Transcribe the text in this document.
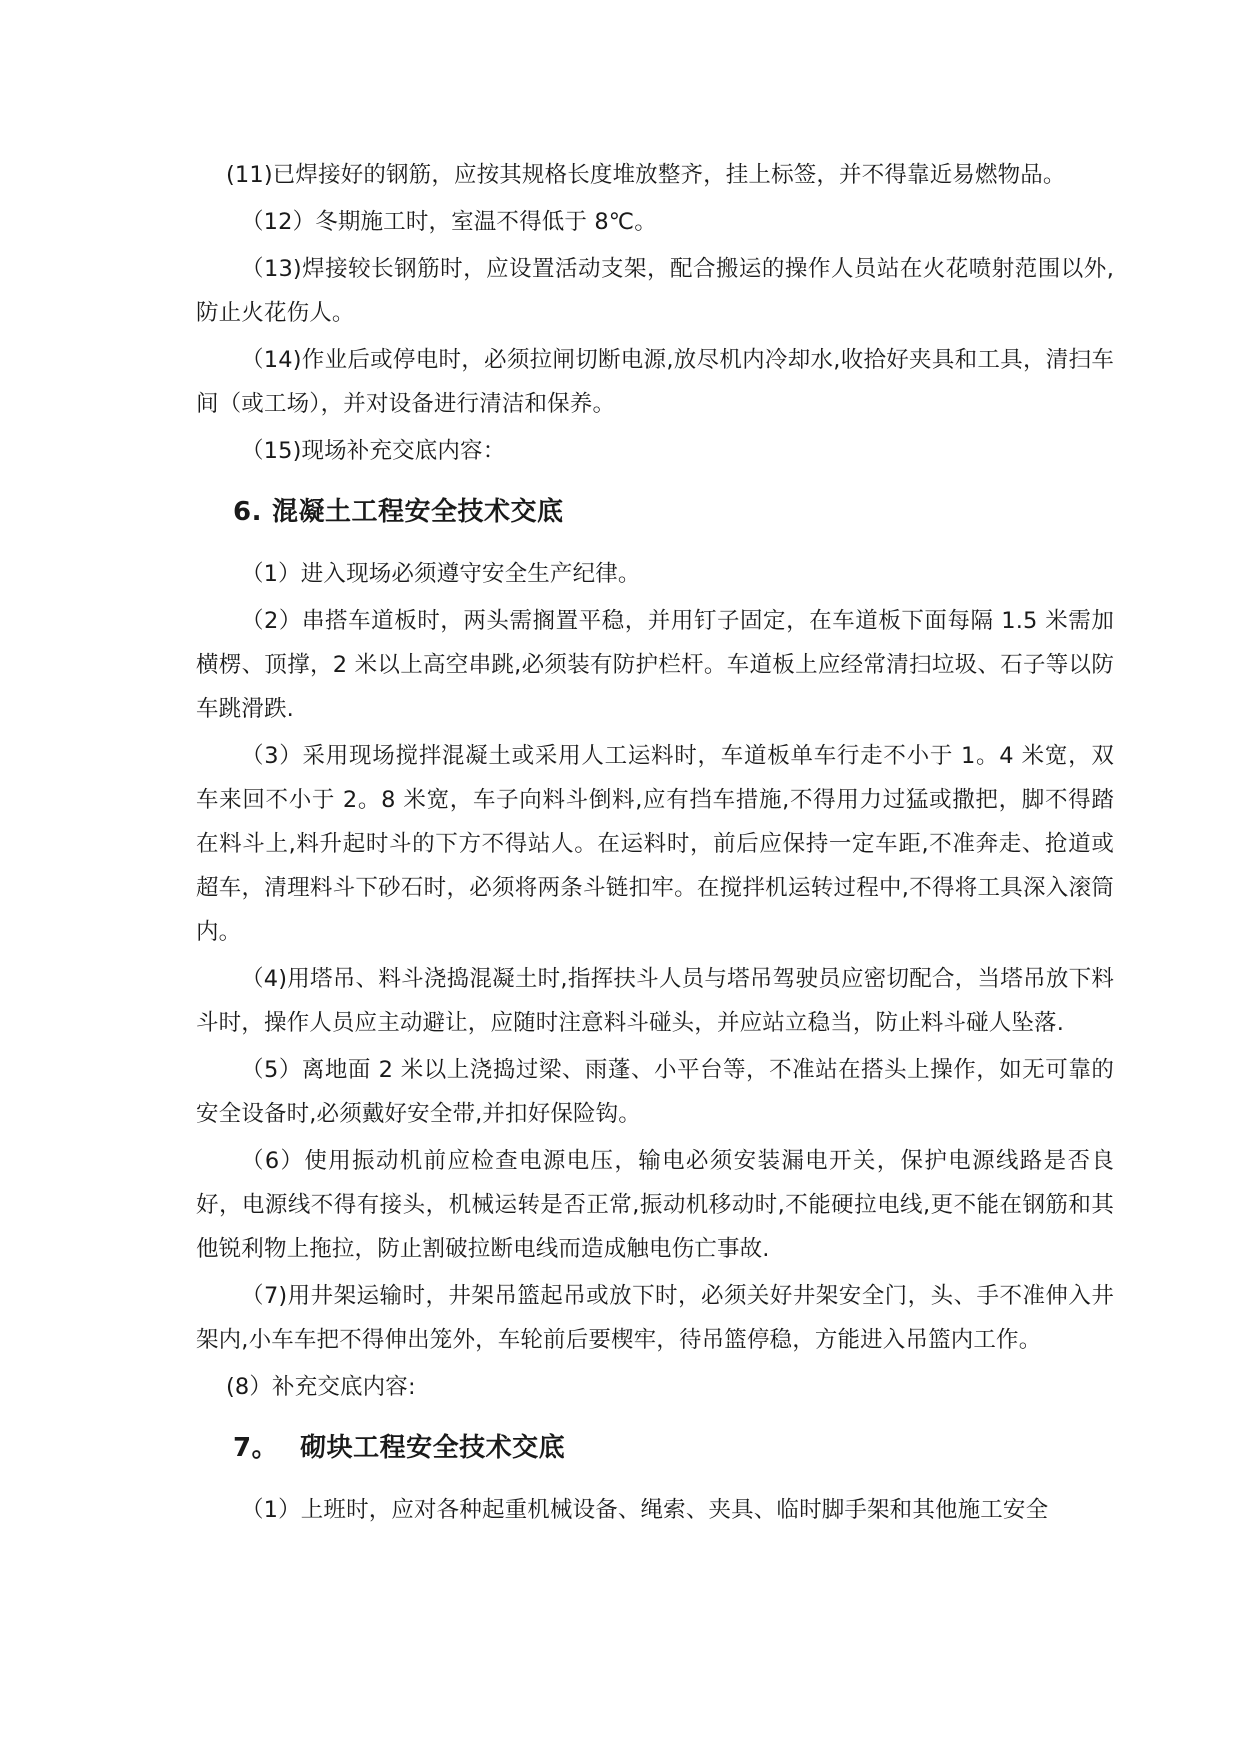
(11)已焊接好的钢筋，应按其规格长度堆放整齐，挂上标签，并不得靠近易燃物品。

（12）冬期施工时，室温不得低于 8℃。

（13)焊接较长钢筋时，应设置活动支架，配合搬运的操作人员站在火花喷射范围以外,防止火花伤人。

（14)作业后或停电时，必须拉闸切断电源,放尽机内冷却水,收拾好夹具和工具，清扫车间（或工场），并对设备进行清洁和保养。

（15)现场补充交底内容：

6. 混凝土工程安全技术交底

（1）进入现场必须遵守安全生产纪律。

（2）串搭车道板时，两头需搁置平稳，并用钉子固定，在车道板下面每隔 1.5 米需加横楞、顶撑，2 米以上高空串跳,必须装有防护栏杆。车道板上应经常清扫垃圾、石子等以防车跳滑跌.

（3）采用现场搅拌混凝土或采用人工运料时，车道板单车行走不小于 1。4 米宽，双车来回不小于 2。8 米宽，车子向料斗倒料,应有挡车措施,不得用力过猛或撒把，脚不得踏在料斗上,料升起时斗的下方不得站人。在运料时，前后应保持一定车距,不准奔走、抢道或超车，清理料斗下砂石时，必须将两条斗链扣牢。在搅拌机运转过程中,不得将工具深入滚筒内。

（4)用塔吊、料斗浇捣混凝土时,指挥扶斗人员与塔吊驾驶员应密切配合，当塔吊放下料斗时，操作人员应主动避让，应随时注意料斗碰头，并应站立稳当，防止料斗碰人坠落.

（5）离地面 2 米以上浇捣过梁、雨蓬、小平台等，不准站在搭头上操作，如无可靠的安全设备时,必须戴好安全带,并扣好保险钩。

（6）使用振动机前应检查电源电压，输电必须安装漏电开关，保护电源线路是否良好，电源线不得有接头，机械运转是否正常,振动机移动时,不能硬拉电线,更不能在钢筋和其他锐利物上拖拉，防止割破拉断电线而造成触电伤亡事故.

（7)用井架运输时，井架吊篮起吊或放下时，必须关好井架安全门，头、手不准伸入井架内,小车车把不得伸出笼外，车轮前后要楔牢，待吊篮停稳，方能进入吊篮内工作。

(8）补充交底内容:

7。 砌块工程安全技术交底

（1）上班时，应对各种起重机械设备、绳索、夹具、临时脚手架和其他施工安全
